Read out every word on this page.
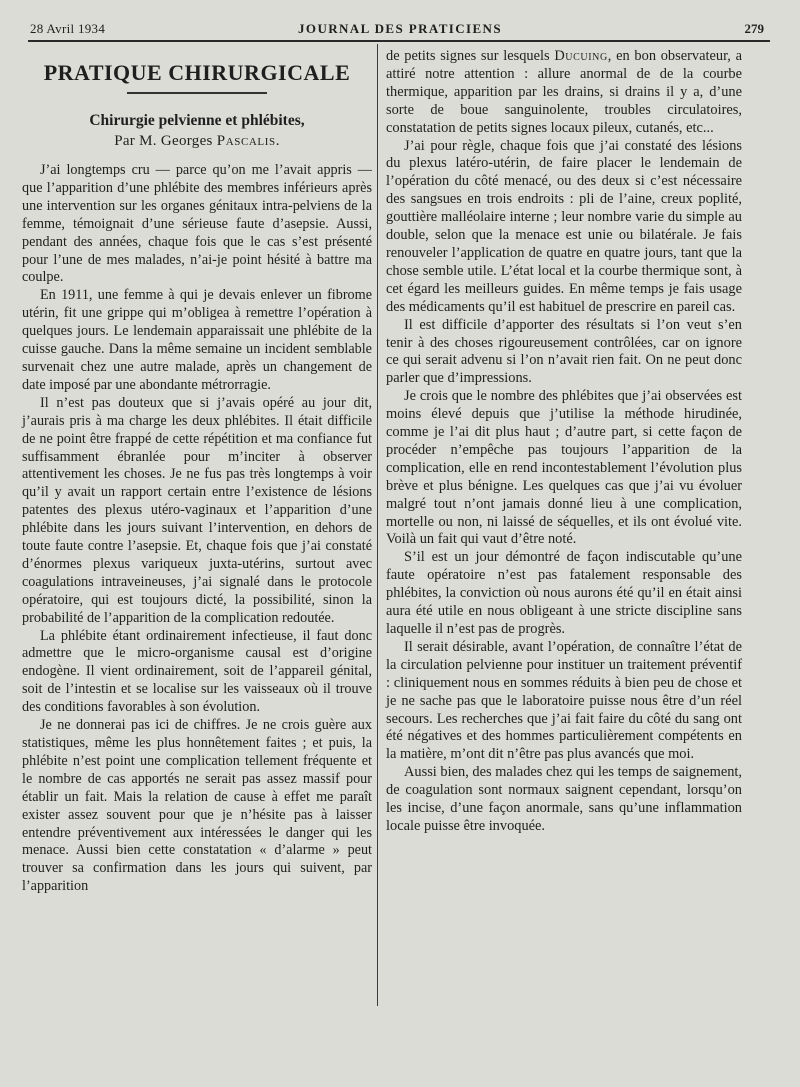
28 Avril 1934	JOURNAL DES PRATICIENS	279
PRATIQUE CHIRURGICALE
Chirurgie pelvienne et phlébites,
Par M. Georges Pascalis.

J’ai longtemps cru — parce qu’on me l’avait appris — que l’apparition d’une phlébite des membres inférieurs après une intervention sur les organes génitaux intra-pelviens de la femme, témoignait d’une sérieuse faute d’asepsie. Aussi, pendant des années, chaque fois que le cas s’est présenté pour l’une de mes malades, n’ai-je point hésité à battre ma coulpe.

En 1911, une femme à qui je devais enlever un fibrome utérin, fit une grippe qui m’obligea à remettre l’opération à quelques jours. Le lendemain apparaissait une phlébite de la cuisse gauche. Dans la même semaine un incident semblable survenait chez une autre malade, après un changement de date imposé par une abondante métrorragie.

Il n’est pas douteux que si j’avais opéré au jour dit, j’aurais pris à ma charge les deux phlébites. Il était difficile de ne point être frappé de cette répétition et ma confiance fut suffisamment ébranlée pour m’inciter à observer attentivement les choses. Je ne fus pas très longtemps à voir qu’il y avait un rapport certain entre l’existence de lésions patentes des plexus utéro-vaginaux et l’apparition d’une phlébite dans les jours suivant l’intervention, en dehors de toute faute contre l’asepsie. Et, chaque fois que j’ai constaté d’énormes plexus variqueux juxta-utérins, surtout avec coagulations intraveineuses, j’ai signalé dans le protocole opératoire, qui est toujours dicté, la possibilité, sinon la probabilité de l’apparition de la complication redoutée.

La phlébite étant ordinairement infectieuse, il faut donc admettre que le micro-organisme causal est d’origine endogène. Il vient ordinairement, soit de l’appareil génital, soit de l’intestin et se localise sur les vaisseaux où il trouve des conditions favorables à son évolution.

Je ne donnerai pas ici de chiffres. Je ne crois guère aux statistiques, même les plus honnêtement faites ; et puis, la phlébite n’est point une complication tellement fréquente et le nombre de cas apportés ne serait pas assez massif pour établir un fait. Mais la relation de cause à effet me paraît exister assez souvent pour que je n’hésite pas à laisser entendre préventivement aux intéressées le danger qui les menace. Aussi bien cette constatation « d’alarme » peut trouver sa confirmation dans les jours qui suivent, par l’apparition

de petits signes sur lesquels Ducuing, en bon observateur, a attiré notre attention : allure anormal de de la courbe thermique, apparition par les drains, si drains il y a, d’une sorte de boue sanguinolente, troubles circulatoires, constatation de petits signes locaux pileux, cutanés, etc...

J’ai pour règle, chaque fois que j’ai constaté des lésions du plexus latéro-utérin, de faire placer le lendemain de l’opération du côté menacé, ou des deux si c’est nécessaire des sangsues en trois endroits : pli de l’aine, creux poplité, gouttière malléolaire interne ; leur nombre varie du simple au double, selon que la menace est unie ou bilatérale. Je fais renouveler l’application de quatre en quatre jours, tant que la chose semble utile. L’état local et la courbe thermique sont, à cet égard les meilleurs guides. En même temps je fais usage des médicaments qu’il est habituel de prescrire en pareil cas.

Il est difficile d’apporter des résultats si l’on veut s’en tenir à des choses rigoureusement contrôlées, car on ignore ce qui serait advenu si l’on n’avait rien fait. On ne peut donc parler que d’impressions.

Je crois que le nombre des phlébites que j’ai observées est moins élevé depuis que j’utilise la méthode hirudinée, comme je l’ai dit plus haut ; d’autre part, si cette façon de procéder n’empêche pas toujours l’apparition de la complication, elle en rend incontestablement l’évolution plus brève et plus bénigne. Les quelques cas que j’ai vu évoluer malgré tout n’ont jamais donné lieu à une complication, mortelle ou non, ni laissé de séquelles, et ils ont évolué vite. Voilà un fait qui vaut d’être noté.

S’il est un jour démontré de façon indiscutable qu’une faute opératoire n’est pas fatalement responsable des phlébites, la conviction où nous aurons été qu’il en était ainsi aura été utile en nous obligeant à une stricte discipline sans laquelle il n’est pas de progrès.

Il serait désirable, avant l’opération, de connaître l’état de la circulation pelvienne pour instituer un traitement préventif : cliniquement nous en sommes réduits à bien peu de chose et je ne sache pas que le laboratoire puisse nous être d’un réel secours. Les recherches que j’ai fait faire du côté du sang ont été négatives et des hommes particulièrement compétents en la matière, m’ont dit n’être pas plus avancés que moi.

Aussi bien, des malades chez qui les temps de saignement, de coagulation sont normaux saignent cependant, lorsqu’on les incise, d’une façon anormale, sans qu’une inflammation locale puisse être invoquée.
